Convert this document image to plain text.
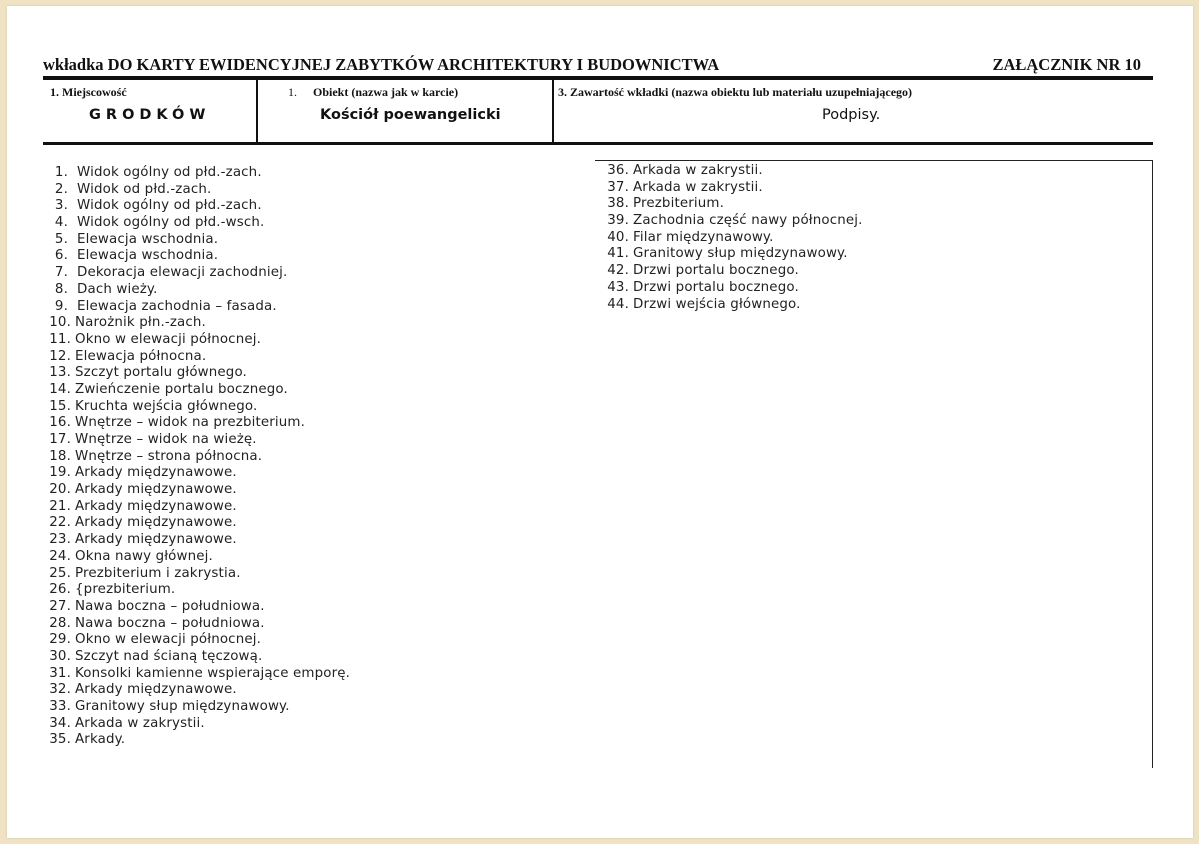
wkładka DO KARTY EWIDENCYJNEJ ZABYTKÓW ARCHITEKTURY I BUDOWNICTWA	ZAŁĄCZNIK NR 10
1. Miejscowość
GRODKÓW
1. Obiekt (nazwa jak w karcie)
Kościół poewangelicki
3. Zawartość wkładki (nazwa obiektu lub materiału uzupełniającego)
Podpisy.
1. Widok ogólny od płd.-zach.
2. Widok od płd.-zach.
3. Widok ogólny od płd.-zach.
4. Widok ogólny od płd.-wsch.
5. Elewacja wschodnia.
6. Elewacja wschodnia.
7. Dekoracja elewacji zachodniej.
8. Dach wieży.
9. Elewacja zachodnia – fasada.
10. Narożnik płn.-zach.
11. Okno w elewacji północnej.
12. Elewacja północna.
13. Szczyt portalu głównego.
14. Zwieńczenie portalu bocznego.
15. Kruchta wejścia głównego.
16. Wnętrze – widok na prezbiterium.
17. Wnętrze – widok na wieżę.
18. Wnętrze – strona północna.
19. Arkady międzynawowe.
20. Arkady międzynawowe.
21. Arkady międzynawowe.
22. Arkady międzynawowe.
23. Arkady międzynawowe.
24. Okna nawy głównej.
25. Prezbiterium i zakrystia.
26. {prezbiterium.
27. Nawa boczna – południowa.
28. Nawa boczna – południowa.
29. Okno w elewacji północnej.
30. Szczyt nad ścianą tęczową.
31. Konsolki kamienne wspierające emporę.
32. Arkady międzynawowe.
33. Granitowy słup międzynawowy.
34. Arkada w zakrystii.
35. Arkady.
36. Arkada w zakrystii.
37. Arkada w zakrystii.
38. Prezbiterium.
39. Zachodnia część nawy północnej.
40. Filar międzynawowy.
41. Granitowy słup międzynawowy.
42. Drzwi portalu bocznego.
43. Drzwi portalu bocznego.
44. Drzwi wejścia głównego.
